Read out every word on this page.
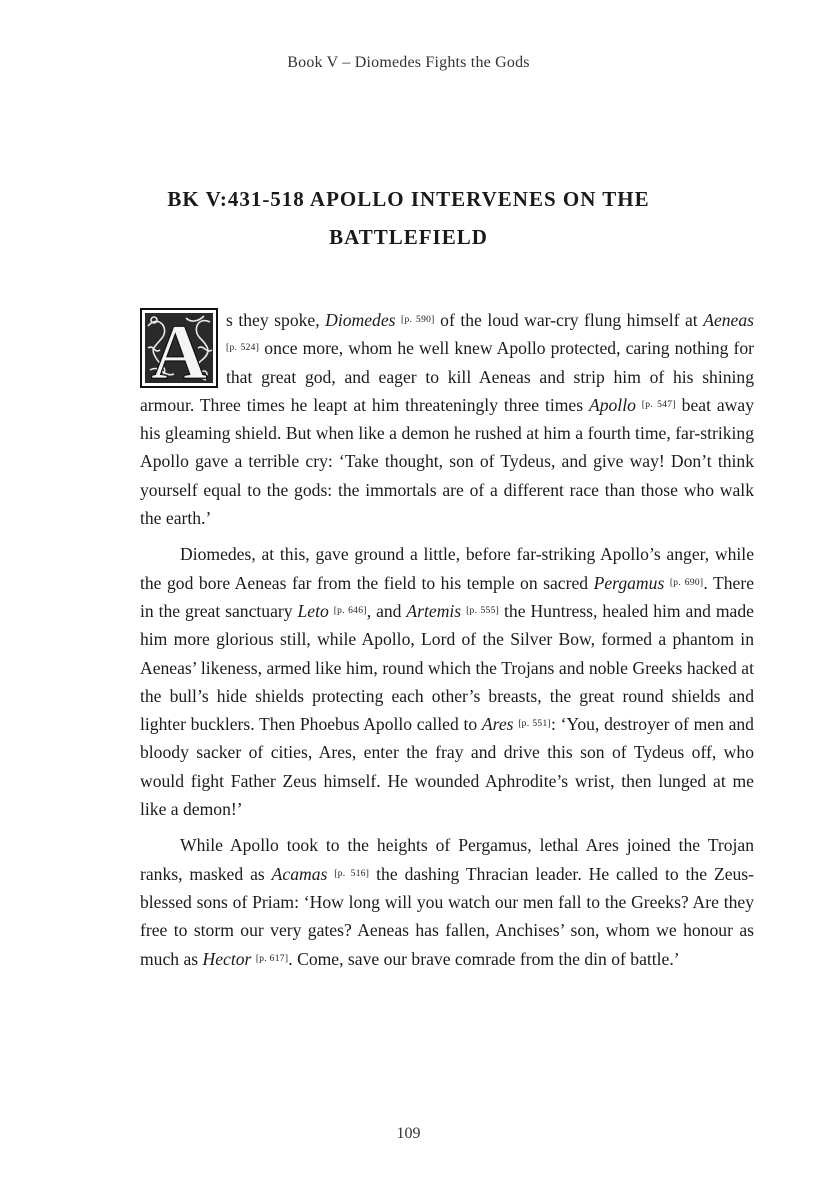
Book V – Diomedes Fights the Gods
BK V:431-518 APOLLO INTERVENES ON THE BATTLEFIELD

A s they spoke, Diomedes [p. 590] of the loud war-cry flung himself at Aeneas [p. 524] once more, whom he well knew Apollo protected, caring nothing for that great god, and eager to kill Aeneas and strip him of his shining armour. Three times he leapt at him threateningly three times Apollo [p. 547] beat away his gleaming shield. But when like a demon he rushed at him a fourth time, far-striking Apollo gave a terrible cry: ‘Take thought, son of Tydeus, and give way! Don’t think yourself equal to the gods: the immortals are of a different race than those who walk the earth.’

Diomedes, at this, gave ground a little, before far-striking Apollo’s anger, while the god bore Aeneas far from the field to his temple on sacred Pergamus [p. 690]. There in the great sanctuary Leto [p. 646], and Artemis [p. 555] the Huntress, healed him and made him more glorious still, while Apollo, Lord of the Silver Bow, formed a phantom in Aeneas’ likeness, armed like him, round which the Trojans and noble Greeks hacked at the bull’s hide shields protecting each other’s breasts, the great round shields and lighter bucklers. Then Phoebus Apollo called to Ares [p. 551]: ‘You, destroyer of men and bloody sacker of cities, Ares, enter the fray and drive this son of Tydeus off, who would fight Father Zeus himself. He wounded Aphrodite’s wrist, then lunged at me like a demon!’

While Apollo took to the heights of Pergamus, lethal Ares joined the Trojan ranks, masked as Acamas [p. 516] the dashing Thracian leader. He called to the Zeus-blessed sons of Priam: ‘How long will you watch our men fall to the Greeks? Are they free to storm our very gates? Aeneas has fallen, Anchises’ son, whom we honour as much as Hector [p. 617]. Come, save our brave comrade from the din of battle.’

109
